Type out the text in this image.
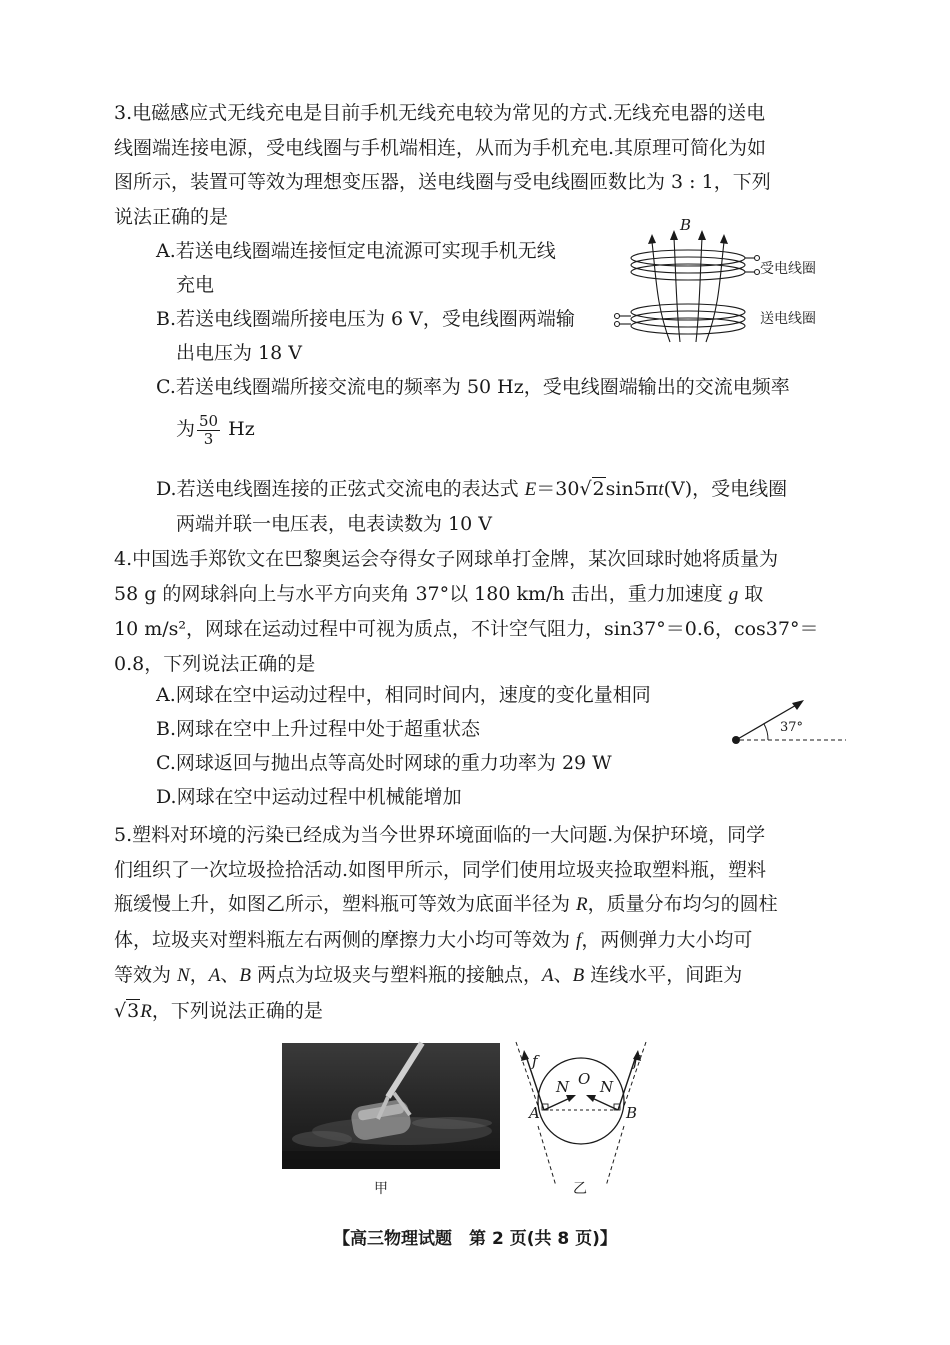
3.电磁感应式无线充电是目前手机无线充电较为常见的方式.无线充电器的送电
线圈端连接电源，受电线圈与手机端相连，从而为手机充电.其原理可简化为如
图所示，装置可等效为理想变压器，送电线圈与受电线圈匝数比为 3 : 1，下列
说法正确的是
A.若送电线圈端连接恒定电流源可实现手机无线

充电
B.若送电线圈端所接电压为 6 V，受电线圈两端输

出电压为 18 V
C.若送电线圈端所接交流电的频率为 50 Hz，受电线圈端输出的交流电频率
为 $\frac{50}{3}$ Hz
D.若送电线圈连接的正弦式交流电的表达式 E＝30√2sin5πt(V)，受电线圈

两端并联一电压表，电表读数为 10 V
B
受电线圈
送电线圈
4.中国选手郑钦文在巴黎奥运会夺得女子网球单打金牌，某次回球时她将质量为
58 g 的网球斜向上与水平方向夹角 37°以 180 km/h 击出，重力加速度 g 取
10 m/s²，网球在运动过程中可视为质点，不计空气阻力，sin37°＝0.6，cos37°＝
0.8，下列说法正确的是
A.网球在空中运动过程中，相同时间内，速度的变化量相同
B.网球在空中上升过程中处于超重状态
C.网球返回与抛出点等高处时网球的重力功率为 29 W
D.网球在空中运动过程中机械能增加
37°
5.塑料对环境的污染已经成为当今世界环境面临的一大问题.为保护环境，同学
们组织了一次垃圾捡拾活动.如图甲所示，同学们使用垃圾夹捡取塑料瓶，塑料
瓶缓慢上升，如图乙所示，塑料瓶可等效为底面半径为 R，质量分布均匀的圆柱
体，垃圾夹对塑料瓶左右两侧的摩擦力大小均可等效为 f，两侧弹力大小均可
等效为 N，A、B 两点为垃圾夹与塑料瓶的接触点，A、B 连线水平，间距为
√3R，下列说法正确的是
甲
f	f
N O N
A	B
乙
【高三物理试题　第 2 页(共 8 页)】
